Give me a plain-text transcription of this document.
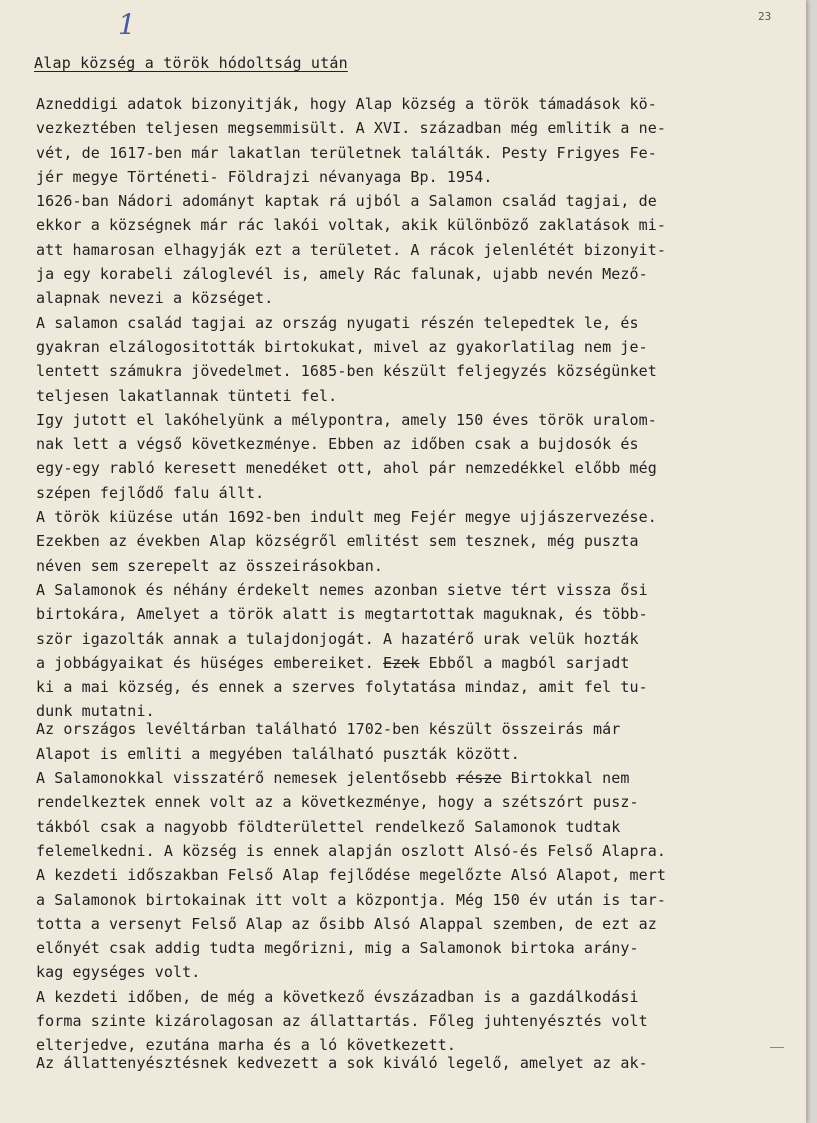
1	23
Alap község a török hódoltság után
Azneddigi adatok bizonyitják, hogy Alap község a török támadások kö-
vezkeztében teljesen megsemmisült. A XVI. században még emlitik a ne-
vét, de 1617-ben már lakatlan területnek találták. Pesty Frigyes Fe-
jér megye Történeti- Földrajzi névanyaga Bp. 1954.
1626-ban Nádori adományt kaptak rá ujból a Salamon család tagjai, de
ekkor a községnek már rác lakói voltak, akik különböző zaklatások mi-
att hamarosan elhagyják ezt a területet. A rácok jelenlétét bizonyit-
ja egy korabeli záloglevél is, amely Rác falunak, ujabb nevén Mező-
alapnak nevezi a községet.
A salamon család tagjai az ország nyugati részén telepedtek le, és
gyakran elzálogositották birtokukat, mivel az gyakorlatilag nem je-
lentett számukra jövedelmet. 1685-ben készült feljegyzés községünket
teljesen lakatlannak tünteti fel.
Igy jutott el lakóhelyünk a mélypontra, amely 150 éves török uralom-
nak lett a végső következménye. Ebben az időben csak a bujdosók és
egy-egy rabló keresett menedéket ott, ahol pár nemzedékkel előbb még
szépen fejlődő falu állt.
A török kiüzése után 1692-ben indult meg Fejér megye ujjászervezése.
Ezekben az években Alap községről emlitést sem tesznek, még puszta
néven sem szerepelt az összeirásokban.
A Salamonok és néhány érdekelt nemes azonban sietve tért vissza ősi
birtokára, Amelyet a török alatt is megtartottak maguknak, és több-
ször igazolták annak a tulajdonjogát. A hazatérő urak velük hozták
a jobbágyaikat és hüséges embereiket. Ezek Ebből a magból sarjadt
ki a mai község, és ennek a szerves folytatása mindaz, amit fel tu-
dunk mutatni.
Az országos levéltárban található 1702-ben készült összeirás már
Alapot is emliti a megyében található puszták között.
A Salamonokkal visszatérő nemesek jelentősebb része Birtokkal nem
rendelkeztek ennek volt az a következménye, hogy a szétszórt pusz-
tákból csak a nagyobb földterülettel rendelkező Salamonok tudtak
felemelkedni. A község is ennek alapján oszlott Alsó-és Felső Alapra.
A kezdeti időszakban Felső Alap fejlődése megelőzte Alsó Alapot, mert
a Salamonok birtokainak itt volt a központja. Még 150 év után is tar-
totta a versenyt Felső Alap az ősibb Alsó Alappal szemben, de ezt az
előnyét csak addig tudta megőrizni, mig a Salamonok birtoka arány-
kag egységes volt.
A kezdeti időben, de még a következő évszázadban is a gazdálkodási
forma szinte kizárolagosan az állattartás. Főleg juhtenyésztés volt
elterjedve, ezutána marha és a ló következett.
Az állattenyésztésnek kedvezett a sok kiváló legelő, amelyet az ak-
